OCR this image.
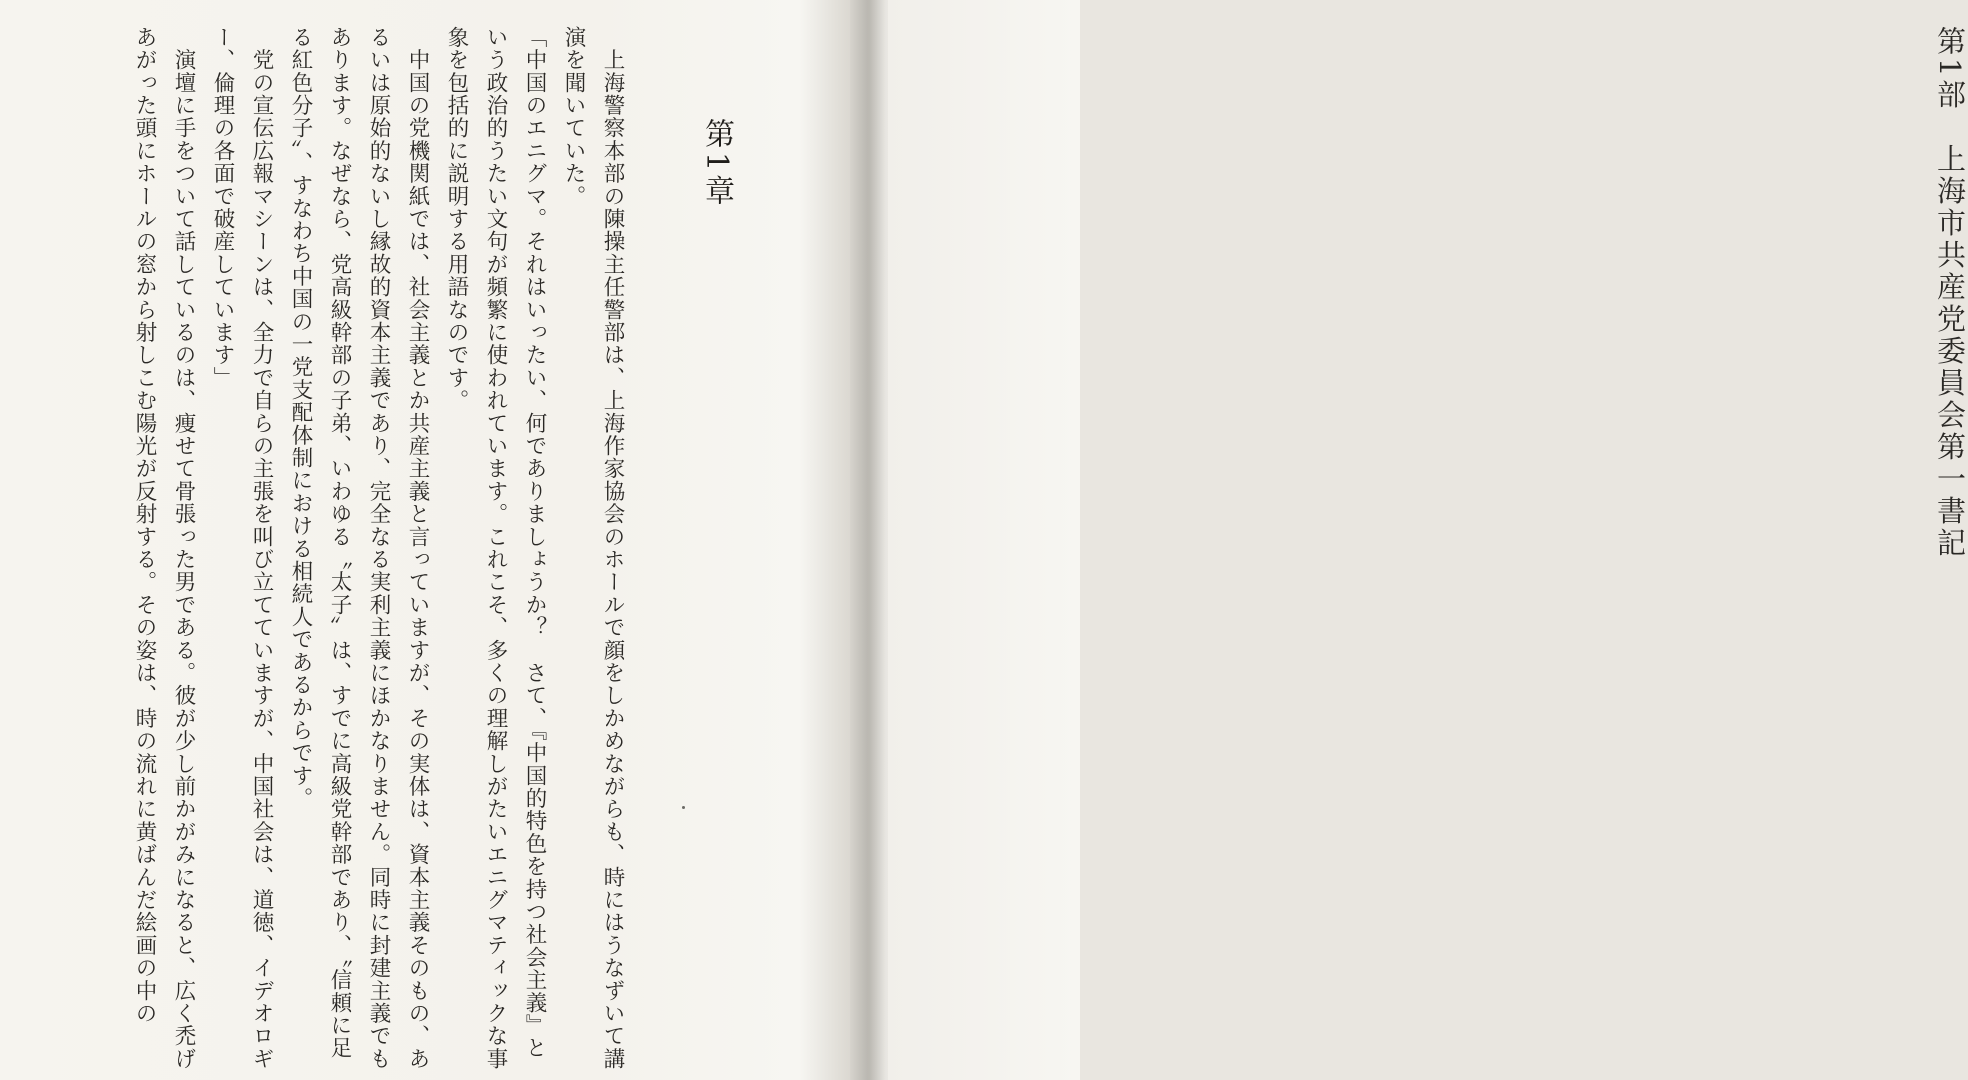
第1章
　上海警察本部の陳操主任警部は、上海作家協会のホールで顔をしかめながらも、時にはうなずいて講演を聞いていた。
「中国のエニグマ。それはいったい、何でありましょうか？　さて、『中国的特色を持つ社会主義』という政治的うたい文句が頻繁に使われています。これこそ、多くの理解しがたいエニグマティックな事象を包括的に説明する用語なのです。
　中国の党機関紙では、社会主義とか共産主義と言っていますが、その実体は、資本主義そのもの、あるいは原始的ないし縁故的資本主義であり、完全なる実利主義にほかなりません。同時に封建主義でもあります。なぜなら、党高級幹部の子弟、いわゆる〝太子〟は、すでに高級党幹部であり、〝信頼に足る紅色分子〟、すなわち中国の一党支配体制における相続人であるからです。
　党の宣伝広報マシーンは、全力で自らの主張を叫び立てていますが、中国社会は、道徳、イデオロギー、倫理の各面で破産しています」
　演壇に手をついて話しているのは、痩せて骨張った男である。彼が少し前かがみになると、広く禿げあがった頭にホールの窓から射しこむ陽光が反射する。その姿は、時の流れに黄ばんだ絵画の中の	第1部　上海市共産党委員会第一書記
